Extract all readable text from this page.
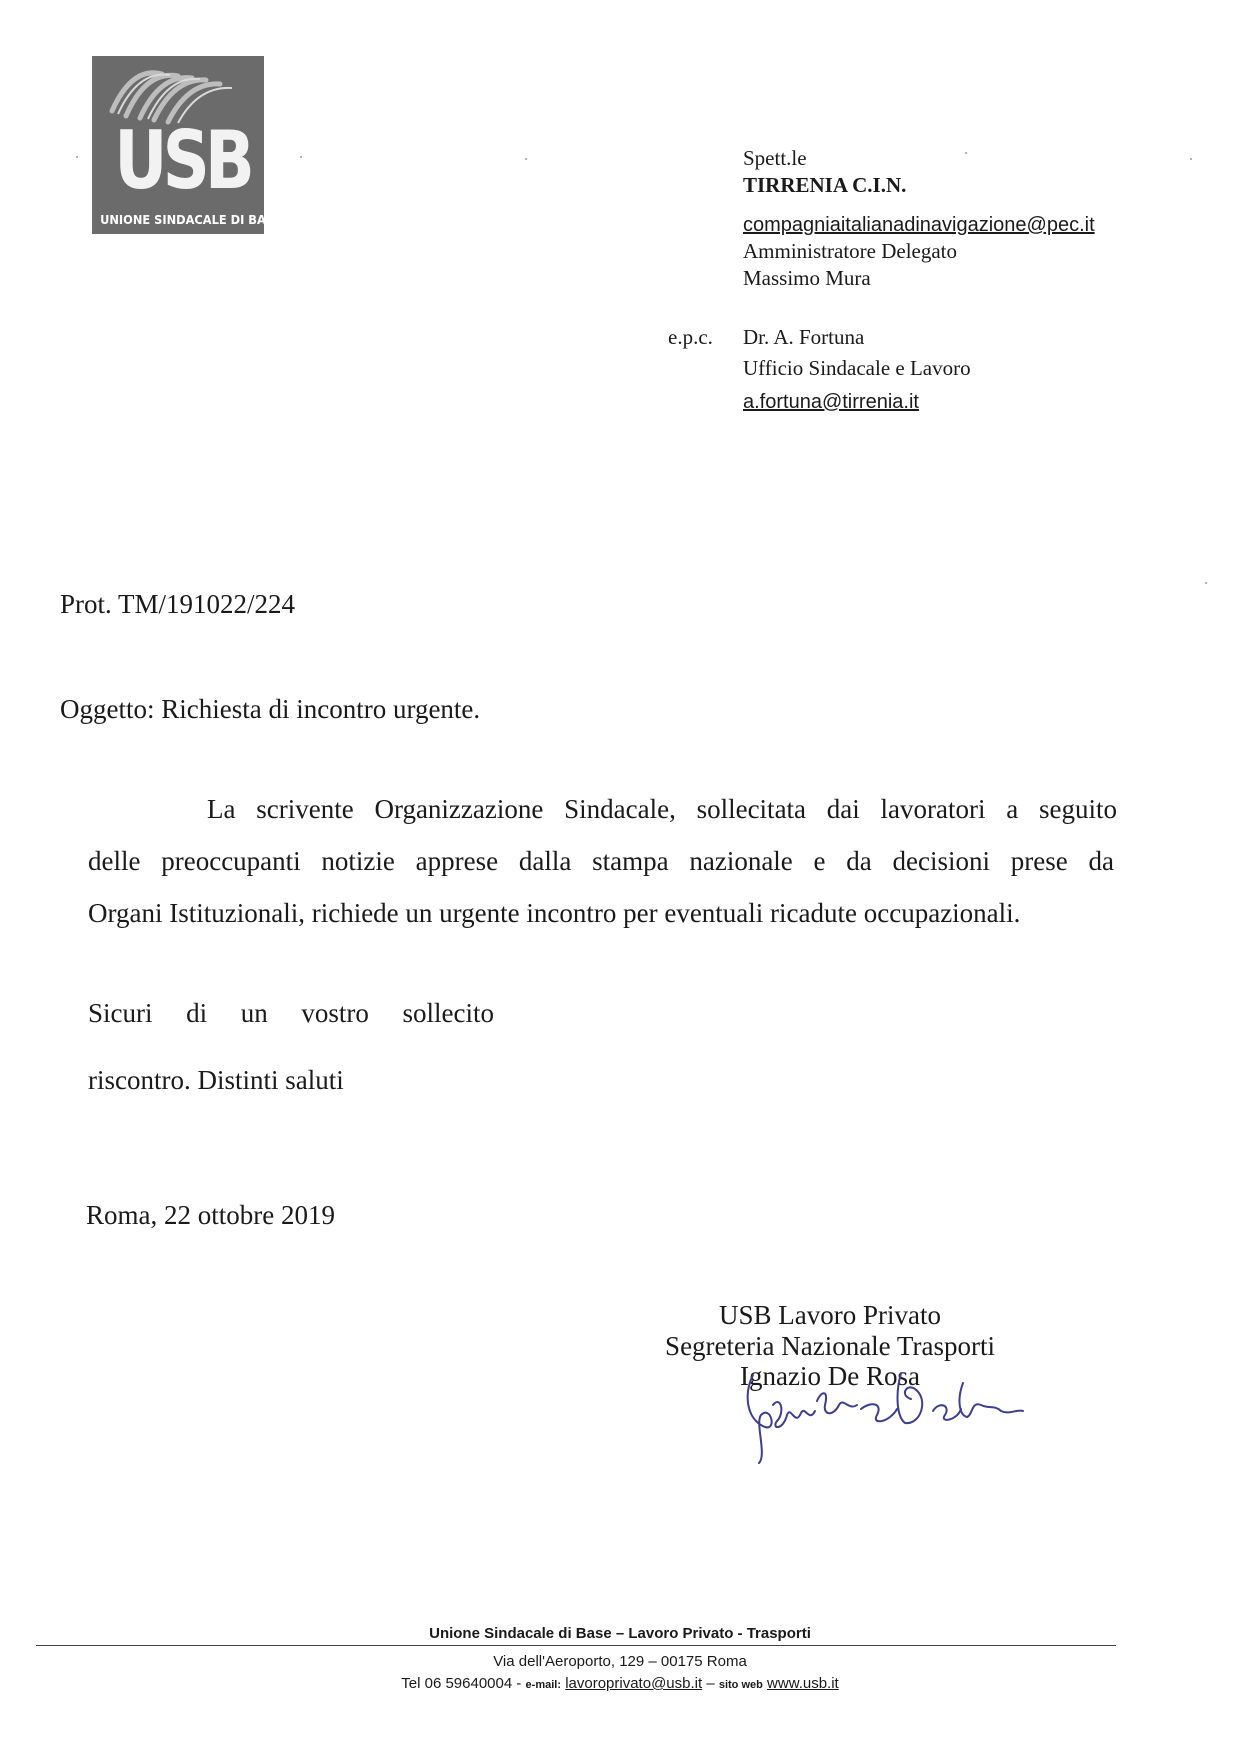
USB
UNIONE SINDACALE DI BASE
Spett.le
TIRRENIA C.I.N.
compagniaitalianadinavigazione@pec.it
Amministratore Delegato
Massimo Mura
e.p.c. Dr. A. Fortuna
Ufficio Sindacale e Lavoro
a.fortuna@tirrenia.it
Prot. TM/191022/224
Oggetto: Richiesta di incontro urgente.
La scrivente Organizzazione Sindacale, sollecitata dai lavoratori a seguito
delle preoccupanti notizie apprese dalla stampa nazionale e da decisioni prese da
Organi Istituzionali, richiede un urgente incontro per eventuali ricadute occupazionali.
Sicuri di un vostro sollecito
riscontro. Distinti saluti
Roma, 22 ottobre 2019
USB Lavoro Privato
Segreteria Nazionale Trasporti
Ignazio De Rosa
Unione Sindacale di Base – Lavoro Privato - Trasporti
Via dell'Aeroporto, 129 – 00175 Roma
Tel 06 59640004 - e-mail: lavoroprivato@usb.it – sito web www.usb.it
